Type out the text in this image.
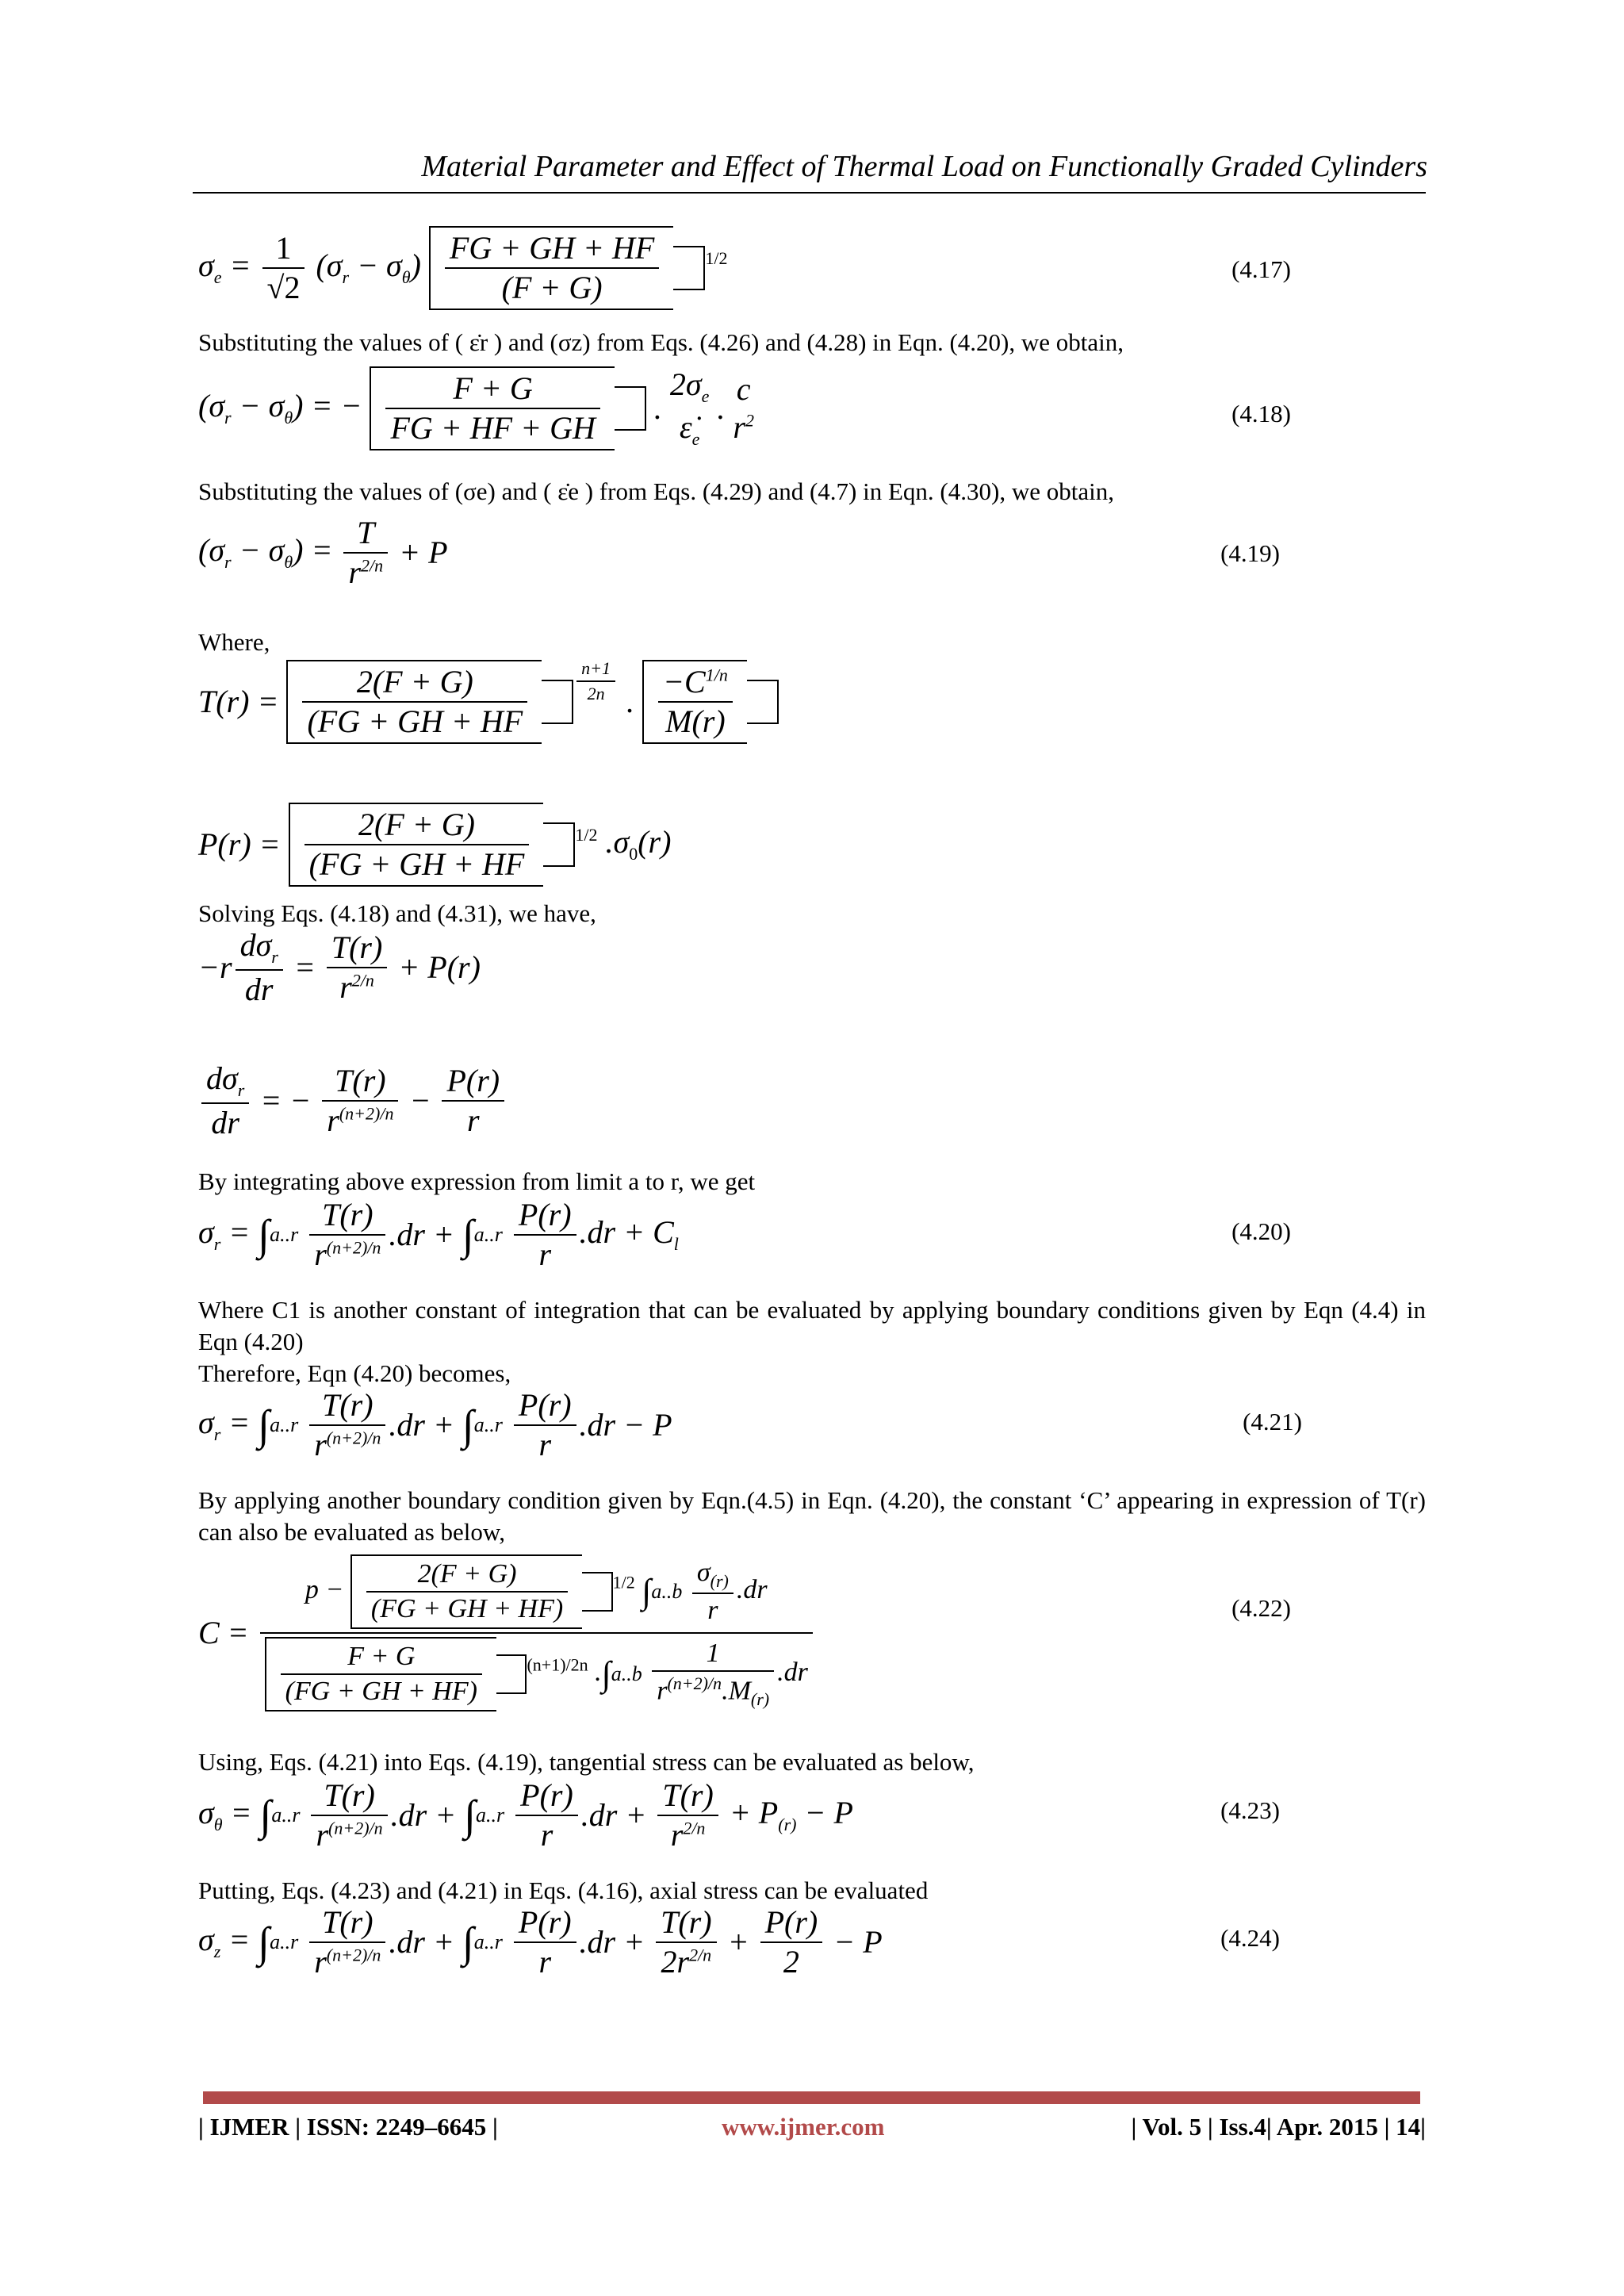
Material Parameter and Effect of Thermal Load on Functionally Graded Cylinders
$\sigma_e = \frac{1}{√2} (\sigma_r - \sigma_\theta) \frac{FG + GH + HF}{(F + G)}$	$^{1/2}$	(4.17)
Substituting the values of ( ε̇r ) and (σz) from Eqs. (4.26) and (4.28) in Eqn. (4.20), we obtain,
$(\sigma_r - \sigma_\theta)$ = − $\frac{F + G}{FG + HF + GH}$ .
$2\sigma_e$
$\varepsiloṅ_e$
.
c
$r^2$	(4.18)
Substituting the values of (σe) and ( ε̇e ) from Eqs. (4.29) and (4.7) in Eqn. (4.30), we obtain,
$(\sigma_r - \sigma_\theta) = \frac{T}{r^{2/n}} + P$	(4.19)
Where,
$T(r) = \frac{2(F + G)}{(FG + GH + HF}$
	$^{\frac{n+1}{2n}}$ . $\frac{-C^{1/n}}{M(r)}$

$P(r) = \frac{2(F + G)}{(FG + GH + HF}$	$^{1/2}$ $.\sigma_0(r)$
Solving Eqs. (4.18) and (4.31), we have,
$-r \frac{d\sigma_r}{dr} = \frac{T(r)}{r^{2/n}} + P(r)$
$\frac{d\sigma_r}{dr}$ = − $\frac{T(r)}{r^{(n+2)/n}} - \frac{P(r)}{r}$
By integrating above expression from limit a to r, we get
$\sigma_r = \int a..r \frac{T(r)}{r^{(n+2)/n}} .dr + \int a..r \frac{P(r)}{r} .dr + C_l$	(4.20)
Where C1 is another constant of integration that can be evaluated by applying boundary conditions given by Eqn (4.4) in Eqn (4.20)
Therefore, Eqn (4.20) becomes,
$\sigma_r = \int a..r \frac{T(r)}{r^{(n+2)/n}} .dr + \int a..r \frac{P(r)}{r} .dr - P$	(4.21)
By applying another boundary condition given by Eqn.(4.5) in Eqn. (4.20), the constant ‘C’ appearing in expression of T(r) can also be evaluated as below,
$C = p - \frac{2(F + G)}{(FG + GH + HF)}$	$^{1/2}$ $\int a..b \frac{\sigma_{(r)}}{r} .dr$
$\frac{F + G}{(FG + GH + HF)}$	$^{(n+1)/2n}$ $.\int a..b \frac{1}{r^{(n+2)/n}.M_{(r)}} .dr$	(4.22)
Using, Eqs. (4.21) into Eqs. (4.19), tangential stress can be evaluated as below,
$\sigma_\theta = \int a..r \frac{T(r)}{r^{(n+2)/n}} .dr + \int a..r \frac{P(r)}{r} .dr + \frac{T(r)}{r^{2/n}} + P_{(r)} - P$	(4.23)
Putting, Eqs. (4.23) and (4.21) in Eqs. (4.16), axial stress can be evaluated
$\sigma_z = \int a..r \frac{T(r)}{r^{(n+2)/n}} .dr + \int a..r \frac{P(r)}{r} .dr + \frac{T(r)}{2r^{2/n}} + \frac{P(r)}{2} - P$	(4.24)
| IJMER | ISSN: 2249–6645 |	www.ijmer.com	| Vol. 5 | Iss.4| Apr. 2015 | 14|
